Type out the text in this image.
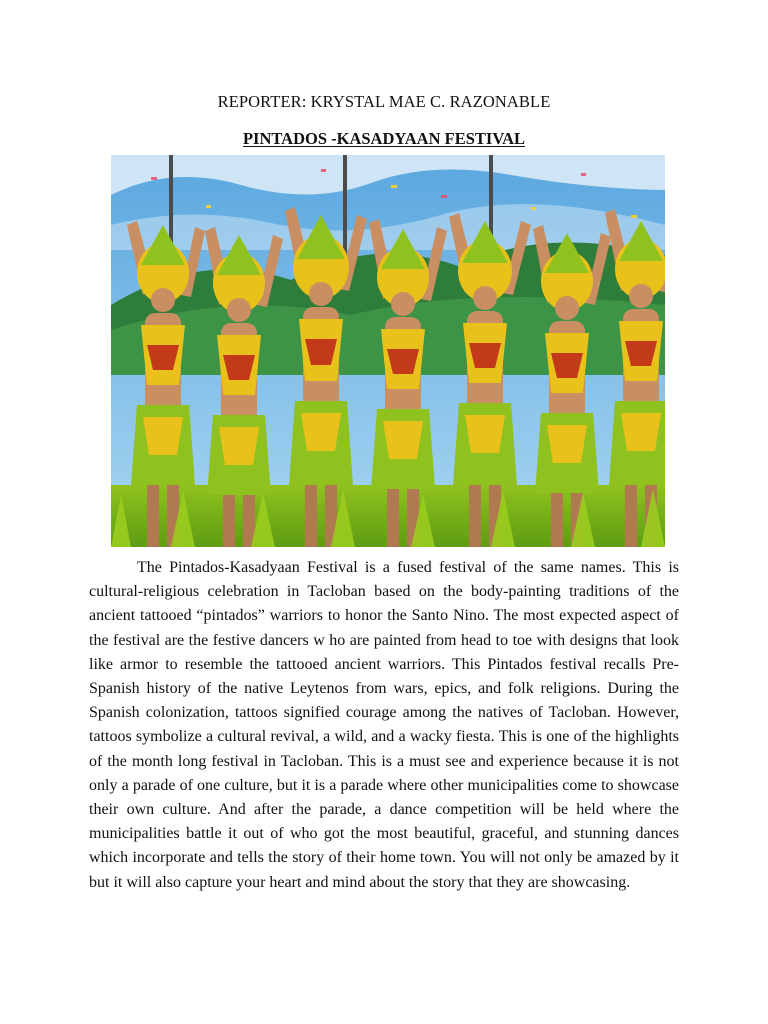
REPORTER: KRYSTAL MAE C. RAZONABLE
PINTADOS -KASADYAAN FESTIVAL

The Pintados-Kasadyaan Festival is a fused festival of the same names. This is cultural-religious celebration in Tacloban based on the body-painting traditions of the ancient tattooed “pintados” warriors to honor the Santo Nino. The most expected aspect of the festival are the festive dancers w ho are painted from head to toe with designs that look like armor to resemble the tattooed ancient warriors. This Pintados festival recalls Pre-Spanish history of the native Leytenos from wars, epics, and folk religions. During the Spanish colonization, tattoos signified courage among the natives of Tacloban. However, tattoos symbolize a cultural revival, a wild, and a wacky fiesta. This is one of the highlights of the month long festival in Tacloban. This is a must see and experience because it is not only a parade of one culture, but it is a parade where other municipalities come to showcase their own culture. And after the parade, a dance competition will be held where the municipalities battle it out of who got the most beautiful, graceful, and stunning dances which incorporate and tells the story of their home town. You will not only be amazed by it but it will also capture your heart and mind about the story that they are showcasing.
